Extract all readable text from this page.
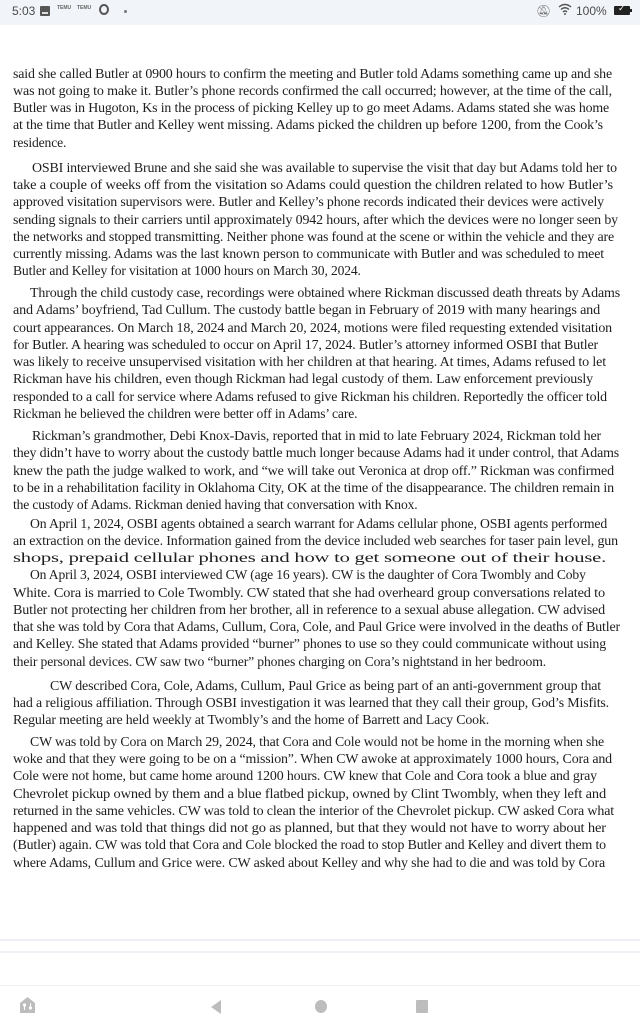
5:03	TEMU TEMU	🔕︎ 100% ✓
said she called Butler at 0900 hours to confirm the meeting and Butler told Adams something came up and she
was not going to make it. Butler’s phone records confirmed the call occurred; however, at the time of the call,
Butler was in Hugoton, Ks in the process of picking Kelley up to go meet Adams. Adams stated she was home
at the time that Butler and Kelley went missing. Adams picked the children up before 1200, from the Cook’s
residence.
OSBI interviewed Brune and she said she was available to supervise the visit that day but Adams told her to
take a couple of weeks off from the visitation so Adams could question the children related to how Butler’s
approved visitation supervisors were. Butler and Kelley’s phone records indicated their devices were actively
sending signals to their carriers until approximately 0942 hours, after which the devices were no longer seen by
the networks and stopped transmitting. Neither phone was found at the scene or within the vehicle and they are
currently missing. Adams was the last known person to communicate with Butler and was scheduled to meet
Butler and Kelley for visitation at 1000 hours on March 30, 2024.
Through the child custody case, recordings were obtained where Rickman discussed death threats by Adams
and Adams’ boyfriend, Tad Cullum. The custody battle began in February of 2019 with many hearings and
court appearances. On March 18, 2024 and March 20, 2024, motions were filed requesting extended visitation
for Butler. A hearing was scheduled to occur on April 17, 2024. Butler’s attorney informed OSBI that Butler
was likely to receive unsupervised visitation with her children at that hearing. At times, Adams refused to let
Rickman have his children, even though Rickman had legal custody of them. Law enforcement previously
responded to a call for service where Adams refused to give Rickman his children. Reportedly the officer told
Rickman he believed the children were better off in Adams’ care.
Rickman’s grandmother, Debi Knox-Davis, reported that in mid to late February 2024, Rickman told her
they didn’t have to worry about the custody battle much longer because Adams had it under control, that Adams
knew the path the judge walked to work, and “we will take out Veronica at drop off.” Rickman was confirmed
to be in a rehabilitation facility in Oklahoma City, OK at the time of the disappearance. The children remain in
the custody of Adams. Rickman denied having that conversation with Knox.
On April 1, 2024, OSBI agents obtained a search warrant for Adams cellular phone, OSBI agents performed
an extraction on the device. Information gained from the device included web searches for taser pain level, gun
shops, prepaid cellular phones and how to get someone out of their house.
On April 3, 2024, OSBI interviewed CW (age 16 years). CW is the daughter of Cora Twombly and Coby
White. Cora is married to Cole Twombly. CW stated that she had overheard group conversations related to
Butler not protecting her children from her brother, all in reference to a sexual abuse allegation. CW advised
that she was told by Cora that Adams, Cullum, Cora, Cole, and Paul Grice were involved in the deaths of Butler
and Kelley. She stated that Adams provided “burner” phones to use so they could communicate without using
their personal devices. CW saw two “burner” phones charging on Cora’s nightstand in her bedroom.
CW described Cora, Cole, Adams, Cullum, Paul Grice as being part of an anti-government group that
had a religious affiliation. Through OSBI investigation it was learned that they call their group, God’s Misfits.
Regular meeting are held weekly at Twombly’s and the home of Barrett and Lacy Cook.
CW was told by Cora on March 29, 2024, that Cora and Cole would not be home in the morning when she
woke and that they were going to be on a “mission”. When CW awoke at approximately 1000 hours, Cora and
Cole were not home, but came home around 1200 hours. CW knew that Cole and Cora took a blue and gray
Chevrolet pickup owned by them and a blue flatbed pickup, owned by Clint Twombly, when they left and
returned in the same vehicles. CW was told to clean the interior of the Chevrolet pickup. CW asked Cora what
happened and was told that things did not go as planned, but that they would not have to worry about her
(Butler) again. CW was told that Cora and Cole blocked the road to stop Butler and Kelley and divert them to
where Adams, Cullum and Grice were. CW asked about Kelley and why she had to die and was told by Cora
